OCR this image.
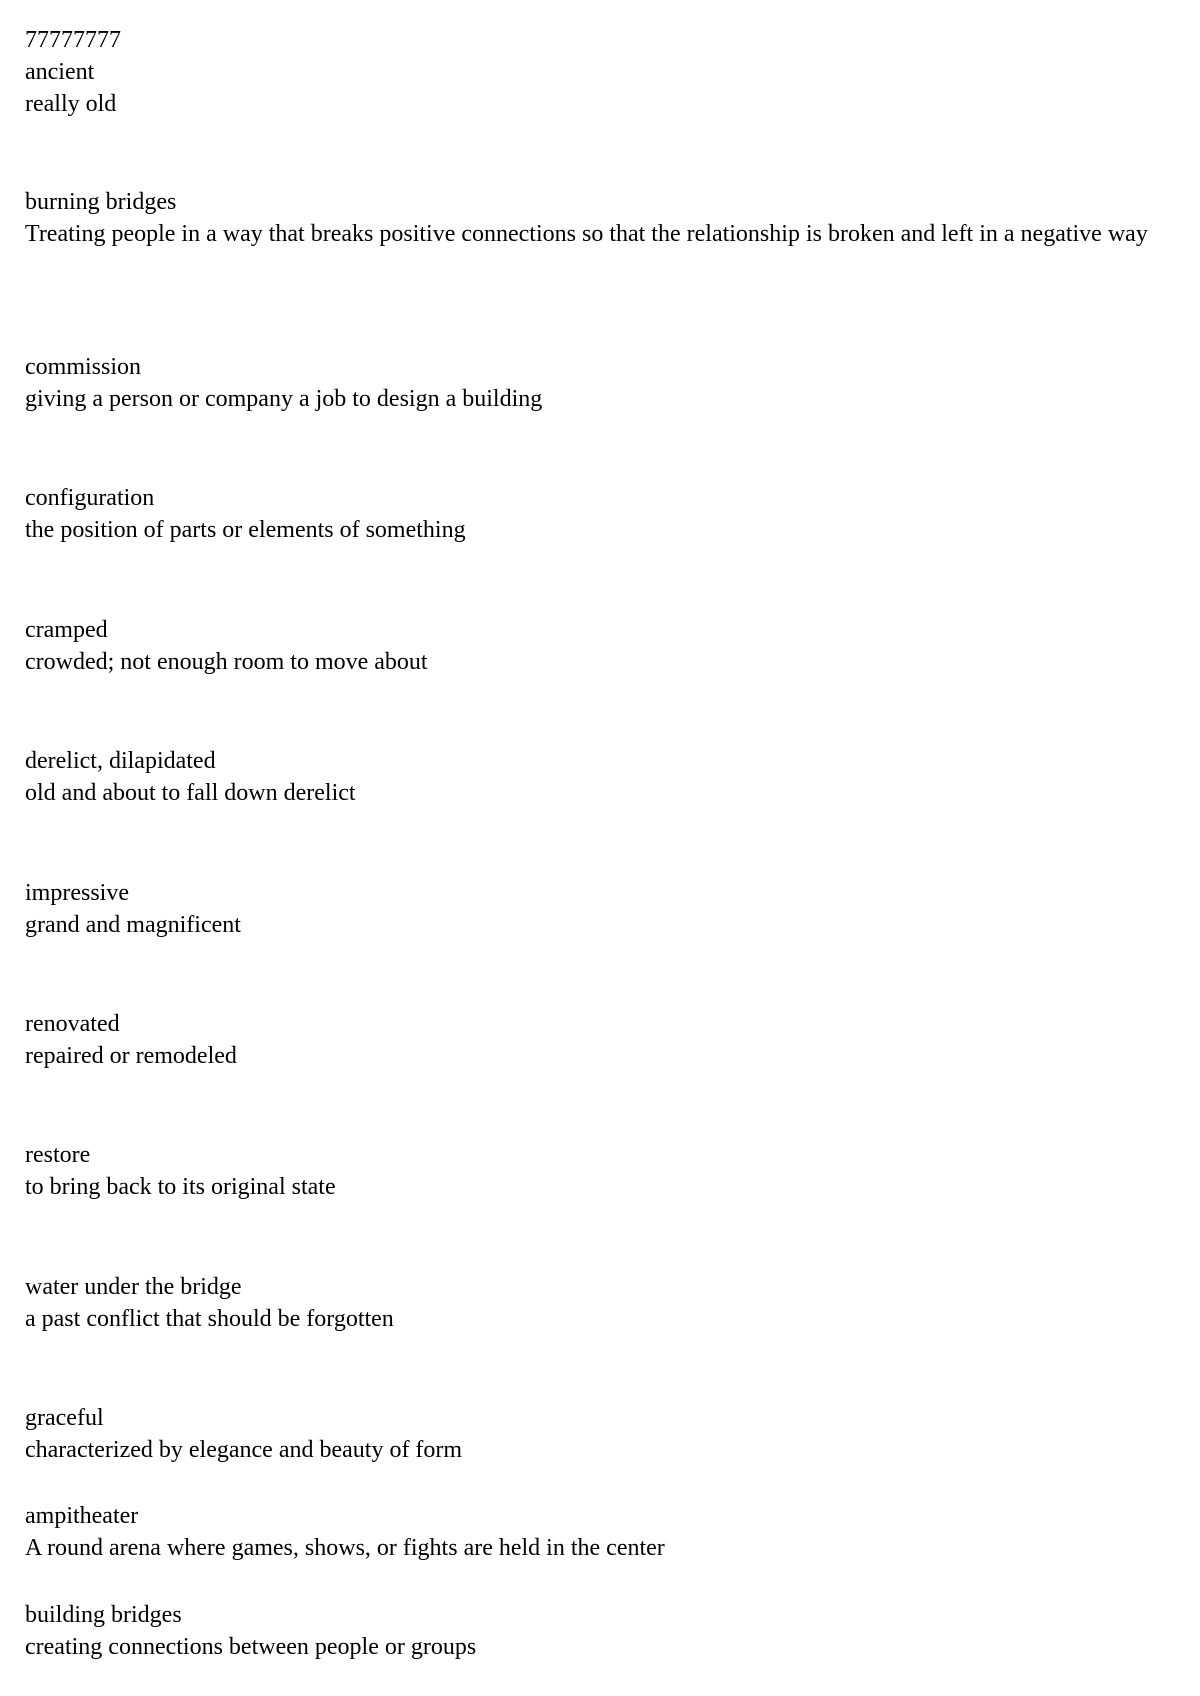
77777777
ancient
really old
burning bridges
Treating people in a way that breaks positive connections so that the relationship is broken and left in a negative way
commission
giving a person or company a job to design a building
configuration
the position of parts or elements of something
cramped
crowded; not enough room to move about
derelict, dilapidated
old and about to fall down derelict
impressive
grand and magnificent
renovated
repaired or remodeled
restore
to bring back to its original state
water under the bridge
a past conflict that should be forgotten
graceful
characterized by elegance and beauty of form
ampitheater
A round arena where games, shows, or fights are held in the center
building bridges
creating connections between people or groups
